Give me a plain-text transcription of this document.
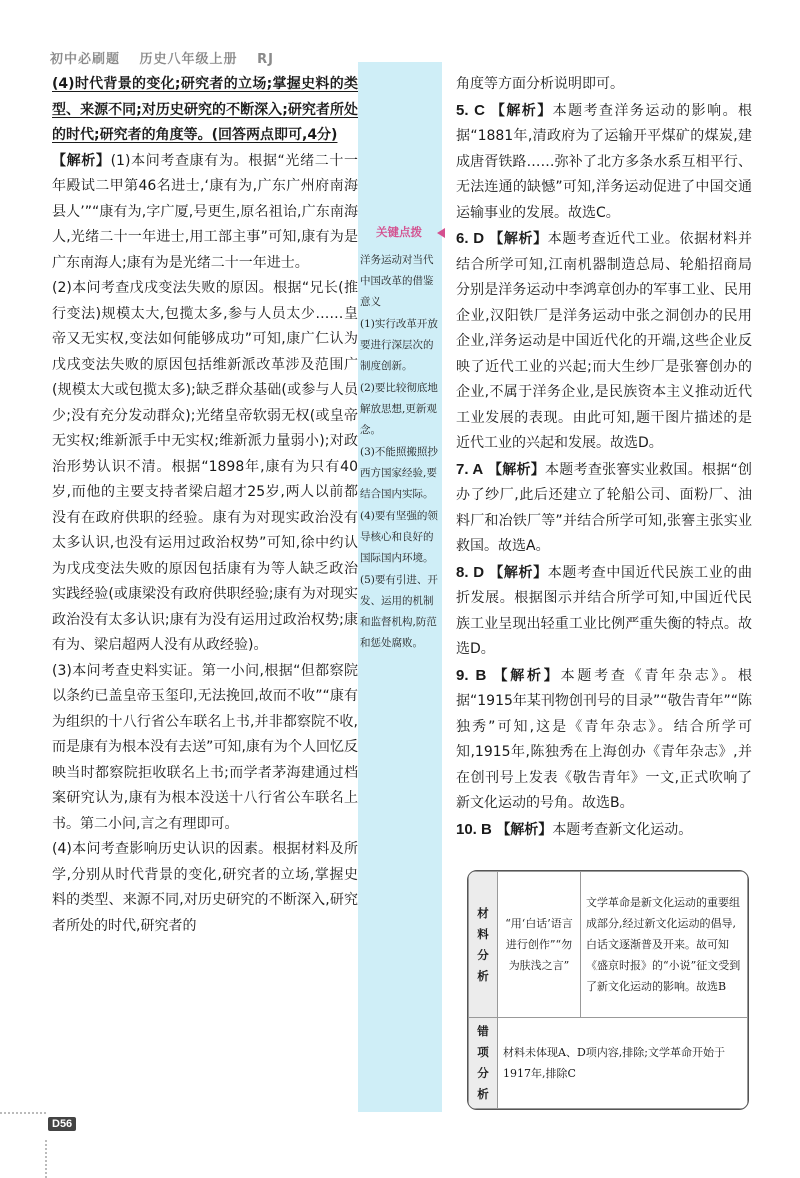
初中必刷题 历史八年级上册 RJ

(4)时代背景的变化;研究者的立场;掌握史料的类型、来源不同;对历史研究的不断深入;研究者所处的时代;研究者的角度等。(回答两点即可,4分)

【解析】(1)本问考查康有为。根据“光绪二十一年殿试二甲第46名进士,‘康有为,广东广州府南海县人’”“康有为,字广厦,号更生,原名祖诒,广东南海人,光绪二十一年进士,用工部主事”可知,康有为是广东南海人;康有为是光绪二十一年进士。

(2)本问考查戊戌变法失败的原因。根据“兄长(推行变法)规模太大,包揽太多,参与人员太少……皇帝又无实权,变法如何能够成功”可知,康广仁认为戊戌变法失败的原因包括维新派改革涉及范围广(规模太大或包揽太多);缺乏群众基础(或参与人员少;没有充分发动群众);光绪皇帝软弱无权(或皇帝无实权;维新派手中无实权;维新派力量弱小);对政治形势认识不清。根据“1898年,康有为只有40岁,而他的主要支持者梁启超才25岁,两人以前都没有在政府供职的经验。康有为对现实政治没有太多认识,也没有运用过政治权势”可知,徐中约认为戊戌变法失败的原因包括康有为等人缺乏政治实践经验(或康梁没有政府供职经验;康有为对现实政治没有太多认识;康有为没有运用过政治权势;康有为、梁启超两人没有从政经验)。

(3)本问考查史料实证。第一小问,根据“但都察院以条约已盖皇帝玉玺印,无法挽回,故而不收”“康有为组织的十八行省公车联名上书,并非都察院不收,而是康有为根本没有去送”可知,康有为个人回忆反映当时都察院拒收联名上书;而学者茅海建通过档案研究认为,康有为根本没送十八行省公车联名上书。第二小问,言之有理即可。

(4)本问考查影响历史认识的因素。根据材料及所学,分别从时代背景的变化,研究者的立场,掌握史料的类型、来源不同,对历史研究的不断深入,研究者所处的时代,研究者的

关键点拨

洋务运动对当代中国改革的借鉴意义

(1)实行改革开放要进行深层次的制度创新。

(2)要比较彻底地解放思想,更新观念。

(3)不能照搬照抄西方国家经验,要结合国内实际。

(4)要有坚强的领导核心和良好的国际国内环境。

(5)要有引进、开发、运用的机制和监督机构,防范和惩处腐败。

角度等方面分析说明即可。

5. C 【解析】本题考查洋务运动的影响。根据“1881年,清政府为了运输开平煤矿的煤炭,建成唐胥铁路……弥补了北方多条水系互相平行、无法连通的缺憾”可知,洋务运动促进了中国交通运输事业的发展。故选C。

6. D 【解析】本题考查近代工业。依据材料并结合所学可知,江南机器制造总局、轮船招商局分别是洋务运动中李鸿章创办的军事工业、民用企业,汉阳铁厂是洋务运动中张之洞创办的民用企业,洋务运动是中国近代化的开端,这些企业反映了近代工业的兴起;而大生纱厂是张謇创办的企业,不属于洋务企业,是民族资本主义推动近代工业发展的表现。由此可知,题干图片描述的是近代工业的兴起和发展。故选D。

7. A 【解析】本题考查张謇实业救国。根据“创办了纱厂,此后还建立了轮船公司、面粉厂、油料厂和冶铁厂等”并结合所学可知,张謇主张实业救国。故选A。

8. D 【解析】本题考查中国近代民族工业的曲折发展。根据图示并结合所学可知,中国近代民族工业呈现出轻重工业比例严重失衡的特点。故选D。

9. B 【解析】本题考查《青年杂志》。根据“1915年某刊物创刊号的目录”“敬告青年”“陈独秀”可知,这是《青年杂志》。结合所学可知,1915年,陈独秀在上海创办《青年杂志》,并在创刊号上发表《敬告青年》一文,正式吹响了新文化运动的号角。故选B。

10. B 【解析】本题考查新文化运动。

材料分析	“用‘白话’语言进行创作”“勿为肤浅之言”	文学革命是新文化运动的重要组成部分,经过新文化运动的倡导,白话文逐渐普及开来。故可知《盛京时报》的“小说”征文受到了新文化运动的影响。故选B
错项分析	材料未体现A、D项内容,排除;文学革命开始于1917年,排除C	
D56
